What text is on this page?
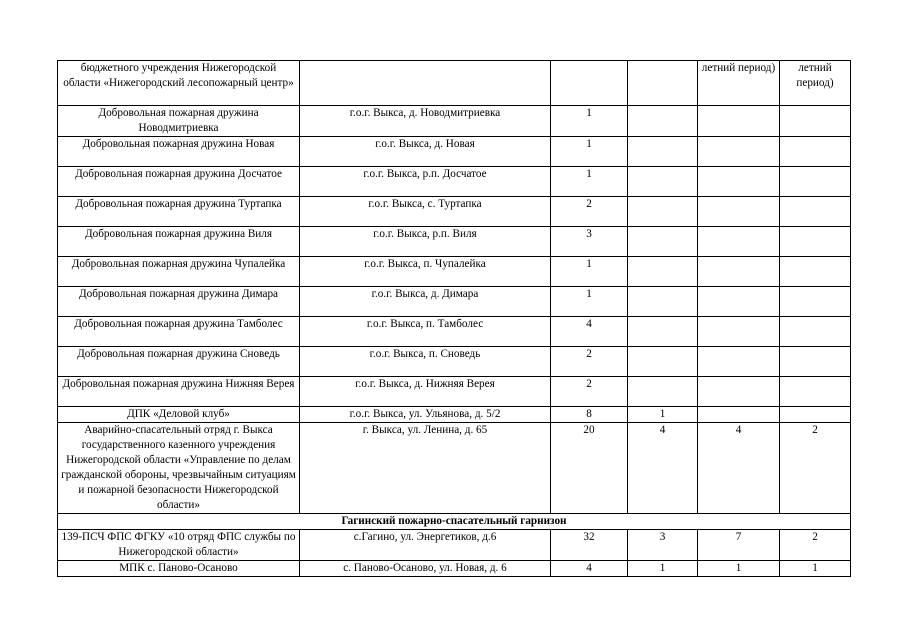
бюджетного учреждения Нижегородской области «Нижегородский лесопожарный центр»				летний период)	летний период)
Добровольная пожарная дружина Новодмитриевка	г.о.г. Выкса, д. Новодмитриевка	1			
Добровольная пожарная дружина Новая	г.о.г. Выкса, д. Новая	1			
Добровольная пожарная дружина Досчатое	г.о.г. Выкса, р.п. Досчатое	1			
Добровольная пожарная дружина Туртапка	г.о.г. Выкса, с. Туртапка	2			
Добровольная пожарная дружина Виля	г.о.г. Выкса, р.п. Виля	3			
Добровольная пожарная дружина Чупалейка	г.о.г. Выкса, п. Чупалейка	1			
Добровольная пожарная дружина Димара	г.о.г. Выкса, д. Димара	1			
Добровольная пожарная дружина Тамболес	г.о.г. Выкса, п. Тамболес	4			
Добровольная пожарная дружина Сноведь	г.о.г. Выкса, п. Сноведь	2			
Добровольная пожарная дружина Нижняя Верея	г.о.г. Выкса, д. Нижняя Верея	2			
ДПК «Деловой клуб»	г.о.г. Выкса, ул. Ульянова, д. 5/2	8	1		
Аварийно-спасательный отряд г. Выкса государственного казенного учреждения Нижегородской области «Управление по делам гражданской обороны, чрезвычайным ситуациям и пожарной безопасности Нижегородской области»	г. Выкса, ул. Ленина, д. 65	20	4	4	2
Гагинский пожарно-спасательный гарнизон					
139-ПСЧ ФПС ФГКУ «10 отряд ФПС службы по Нижегородской области»	с.Гагино, ул. Энергетиков, д.6	32	3	7	2
МПК с. Паново-Осаново	с. Паново-Осаново, ул. Новая, д. 6	4	1	1	1
